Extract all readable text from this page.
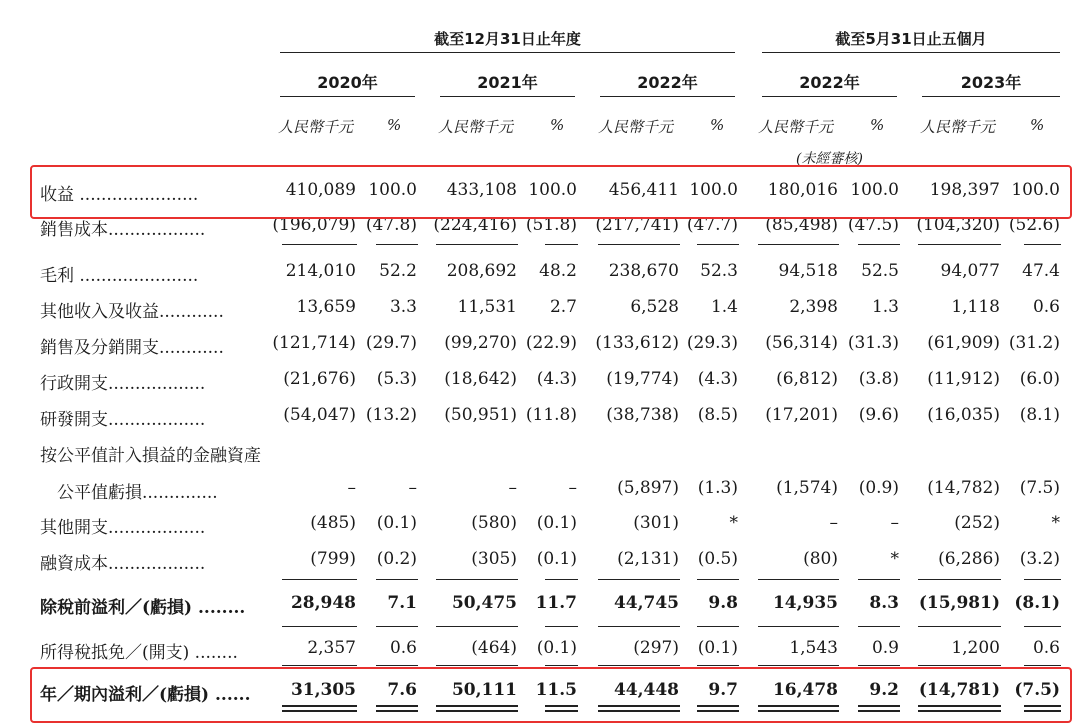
截至12月31日止年度	截至5月31日止五個月
2020年	2021年	2022年	2022年	2023年
人民幣千元 % 人民幣千元 % 人民幣千元 % 人民幣千元 % 人民幣千元 %
(未經審核)
收益 ......................	410,089 100.0 433,108 100.0 456,411 100.0 180,016 100.0 198,397 100.0
銷售成本..................	(196,079) (47.8) (224,416) (51.8) (217,741) (47.7) (85,498) (47.5) (104,320) (52.6)
毛利 ......................	214,010 52.2 208,692 48.2 238,670 52.3 94,518 52.5 94,077 47.4
其他收入及收益............	13,659 3.3 11,531 2.7	6,528 1.4	2,398 1.3	1,118 0.6
銷售及分銷開支............	(121,714) (29.7) (99,270) (22.9) (133,612) (29.3) (56,314) (31.3) (61,909) (31.2)
行政開支..................	(21,676) (5.3) (18,642) (4.3) (19,774) (4.3) (6,812) (3.8) (11,912) (6.0)
研發開支..................	(54,047) (13.2) (50,951) (11.8) (38,738) (8.5) (17,201) (9.6) (16,035) (8.1)
按公平值計入損益的金融資產
　公平值虧損..............	–	–	–	– (5,897) (1.3) (1,574) (0.9) (14,782) (7.5)
其他開支..................	(485) (0.1)	(580) (0.1)	(301)	*	–	–	(252)	*
融資成本..................	(799) (0.2)	(305) (0.1) (2,131) (0.5)	(80)	* (6,286) (3.2)
除稅前溢利／(虧損) ........	28,948 7.1 50,475 11.7 44,745 9.8 14,935 8.3 (15,981) (8.1)
所得稅抵免／(開支) ........	2,357 0.6	(464) (0.1)	(297) (0.1)	1,543 0.9	1,200 0.6
年／期內溢利／(虧損) ...... 31,305 7.6 50,111 11.5 44,448 9.7 16,478 9.2 (14,781) (7.5)
